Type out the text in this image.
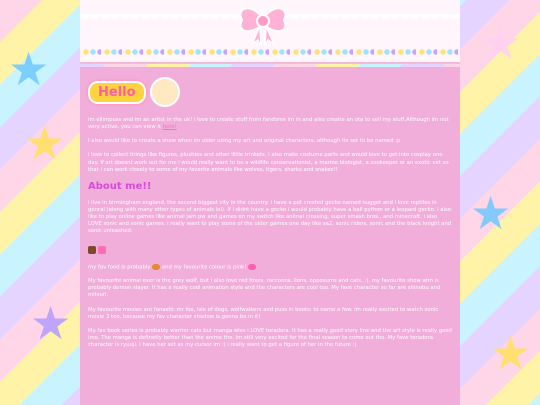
★
★
★
★
★
★
Hello

im ellimpuss and im an artist in the uk! i love to create stuff from fandoms im in and also creatie an ota to sell my stuff.Although im not very active, you can view it here!

I also would like to create a show when im older using my art and original characters, although its set to be named :p

i love to collect things like figures, plushies and other little trinkets. i also make costume parts and would love to get into cosplay one day. if art doesnt work out for me i would really want to be a wildlife conservationist, a marine biologist, a zookeeper or an exotic vet so that i can work closely to some of my favorite animals like wolves, tigers, sharks and snakes!!

About me!!

i live in birmingham england, the second biggest city in the country. i have a pet crested gecko named nugget and i love reptiles in genral (along with many other types of animals lol). If i didnt have a gecko i would probably have a ball python or a leopard gecko. i also like to play online games like animal jam pw and games on my switch like animal crossing, super smash bros., and minecraft. i also LOVE sonic and sonic games. i really want to play some of the older games one day like sa2, sonic riders, sonic and the black knight and sonic unleashed.

my fav food is probably and my favourite colour is pink!

My favourite animal ever is the grey wolf, but i also love red foxes, raccoons, lions, opposums and cats. :). my favourite show atm is probably demon slayer. It has a really cool animation style and the characters are cool too. My fave character so far are shinobu and mitsuri.

My favourite movies are fanastic mr fox, isle of dogs, wolfwalkers and puss in boots: to name a few. im really excited to watch sonic movie 3 too, because my fav character shadow is gonna be in it!

My fav book series is probably warrior cats but manga wise i LOVE toradora. It has a really good story line and the art style is really good imo. The manga is definetly better than the anime tho. im still very excited for the final season to come out tho. My fave toradora character is ryuuji. i have her set as my cursor im :) i really want to get a figure of her in the future :)
